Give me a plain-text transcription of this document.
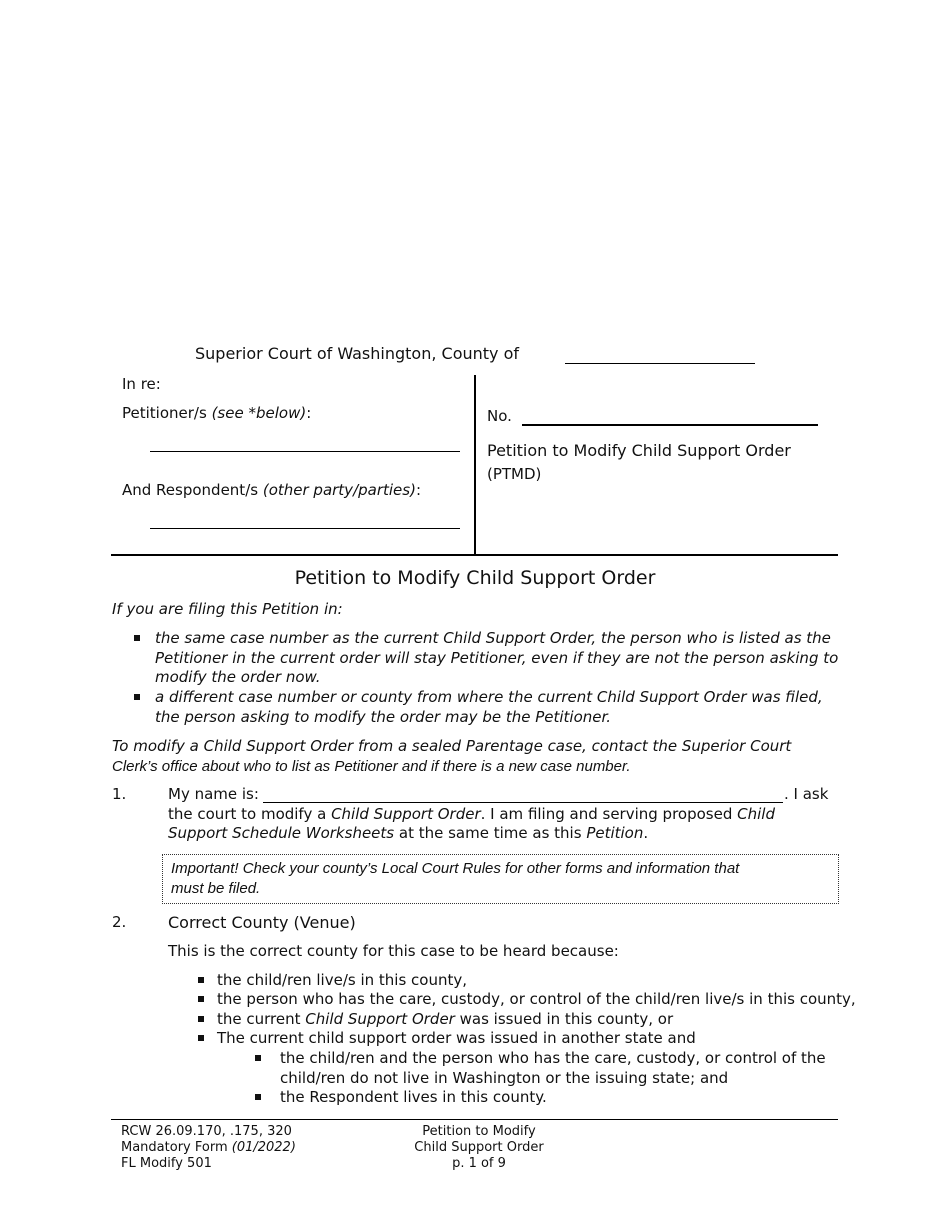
Superior Court of Washington, County of
In re:
Petitioner/s (see *below):
And Respondent/s (other party/parties):
No.
Petition to Modify Child Support Order
(PTMD)
Petition to Modify Child Support Order
If you are filing this Petition in:
the same case number as the current Child Support Order, the person who is listed as the
Petitioner in the current order will stay Petitioner, even if they are not the person asking to
modify the order now.
a different case number or county from where the current Child Support Order was filed,
the person asking to modify the order may be the Petitioner.
To modify a Child Support Order from a sealed Parentage case, contact the Superior Court
Clerk’s office about who to list as Petitioner and if there is a new case number.
1.	My name is:	. I ask
the court to modify a Child Support Order. I am filing and serving proposed Child
Support Schedule Worksheets at the same time as this Petition.
Important! Check your county’s Local Court Rules for other forms and information that
must be filed.
2.	Correct County (Venue)
This is the correct county for this case to be heard because:
the child/ren live/s in this county,
the person who has the care, custody, or control of the child/ren live/s in this county,
the current Child Support Order was issued in this county, or
The current child support order was issued in another state and
the child/ren and the person who has the care, custody, or control of the
child/ren do not live in Washington or the issuing state; and
the Respondent lives in this county.
RCW 26.09.170, .175, 320
Mandatory Form (01/2022)
FL Modify 501
Petition to Modify
Child Support Order
p. 1 of 9
